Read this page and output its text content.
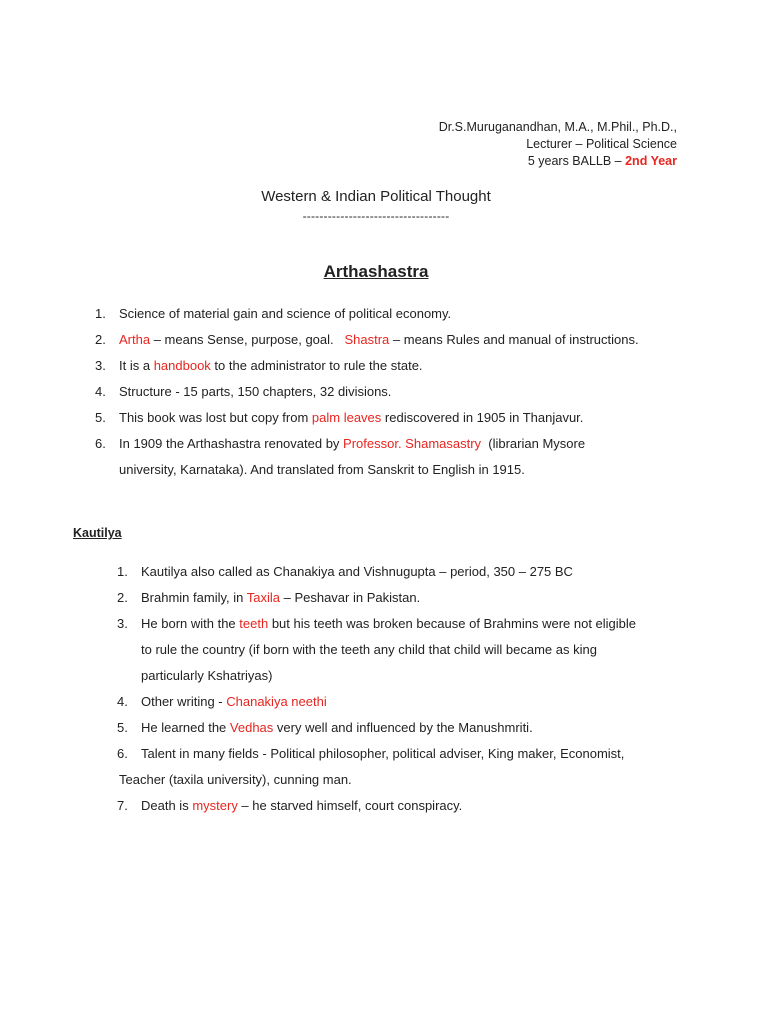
Dr.S.Muruganandhan, M.A., M.Phil., Ph.D.,
Lecturer – Political Science
5 years BALLB – 2nd Year
Western & Indian Political Thought
-----------------------------------
Arthashastra
1. Science of material gain and science of political economy.
2. Artha – means Sense, purpose, goal.   Shastra – means Rules and manual of instructions.
3. It is a handbook to the administrator to rule the state.
4. Structure - 15 parts, 150 chapters, 32 divisions.
5. This book was lost but copy from palm leaves rediscovered in 1905 in Thanjavur.
6. In 1909 the Arthashastra renovated by Professor. Shamasastry  (librarian Mysore
university, Karnataka). And translated from Sanskrit to English in 1915.
Kautilya
1. Kautilya also called as Chanakiya and Vishnugupta – period, 350 – 275 BC
2. Brahmin family, in Taxila – Peshavar in Pakistan.
3. He born with the teeth but his teeth was broken because of Brahmins were not eligible
to rule the country (if born with the teeth any child that child will became as king
particularly Kshatriyas)
4. Other writing - Chanakiya neethi
5. He learned the Vedhas very well and influenced by the Manushmriti.
6. Talent in many fields - Political philosopher, political adviser, King maker, Economist,
Teacher (taxila university), cunning man.
7. Death is mystery – he starved himself, court conspiracy.
